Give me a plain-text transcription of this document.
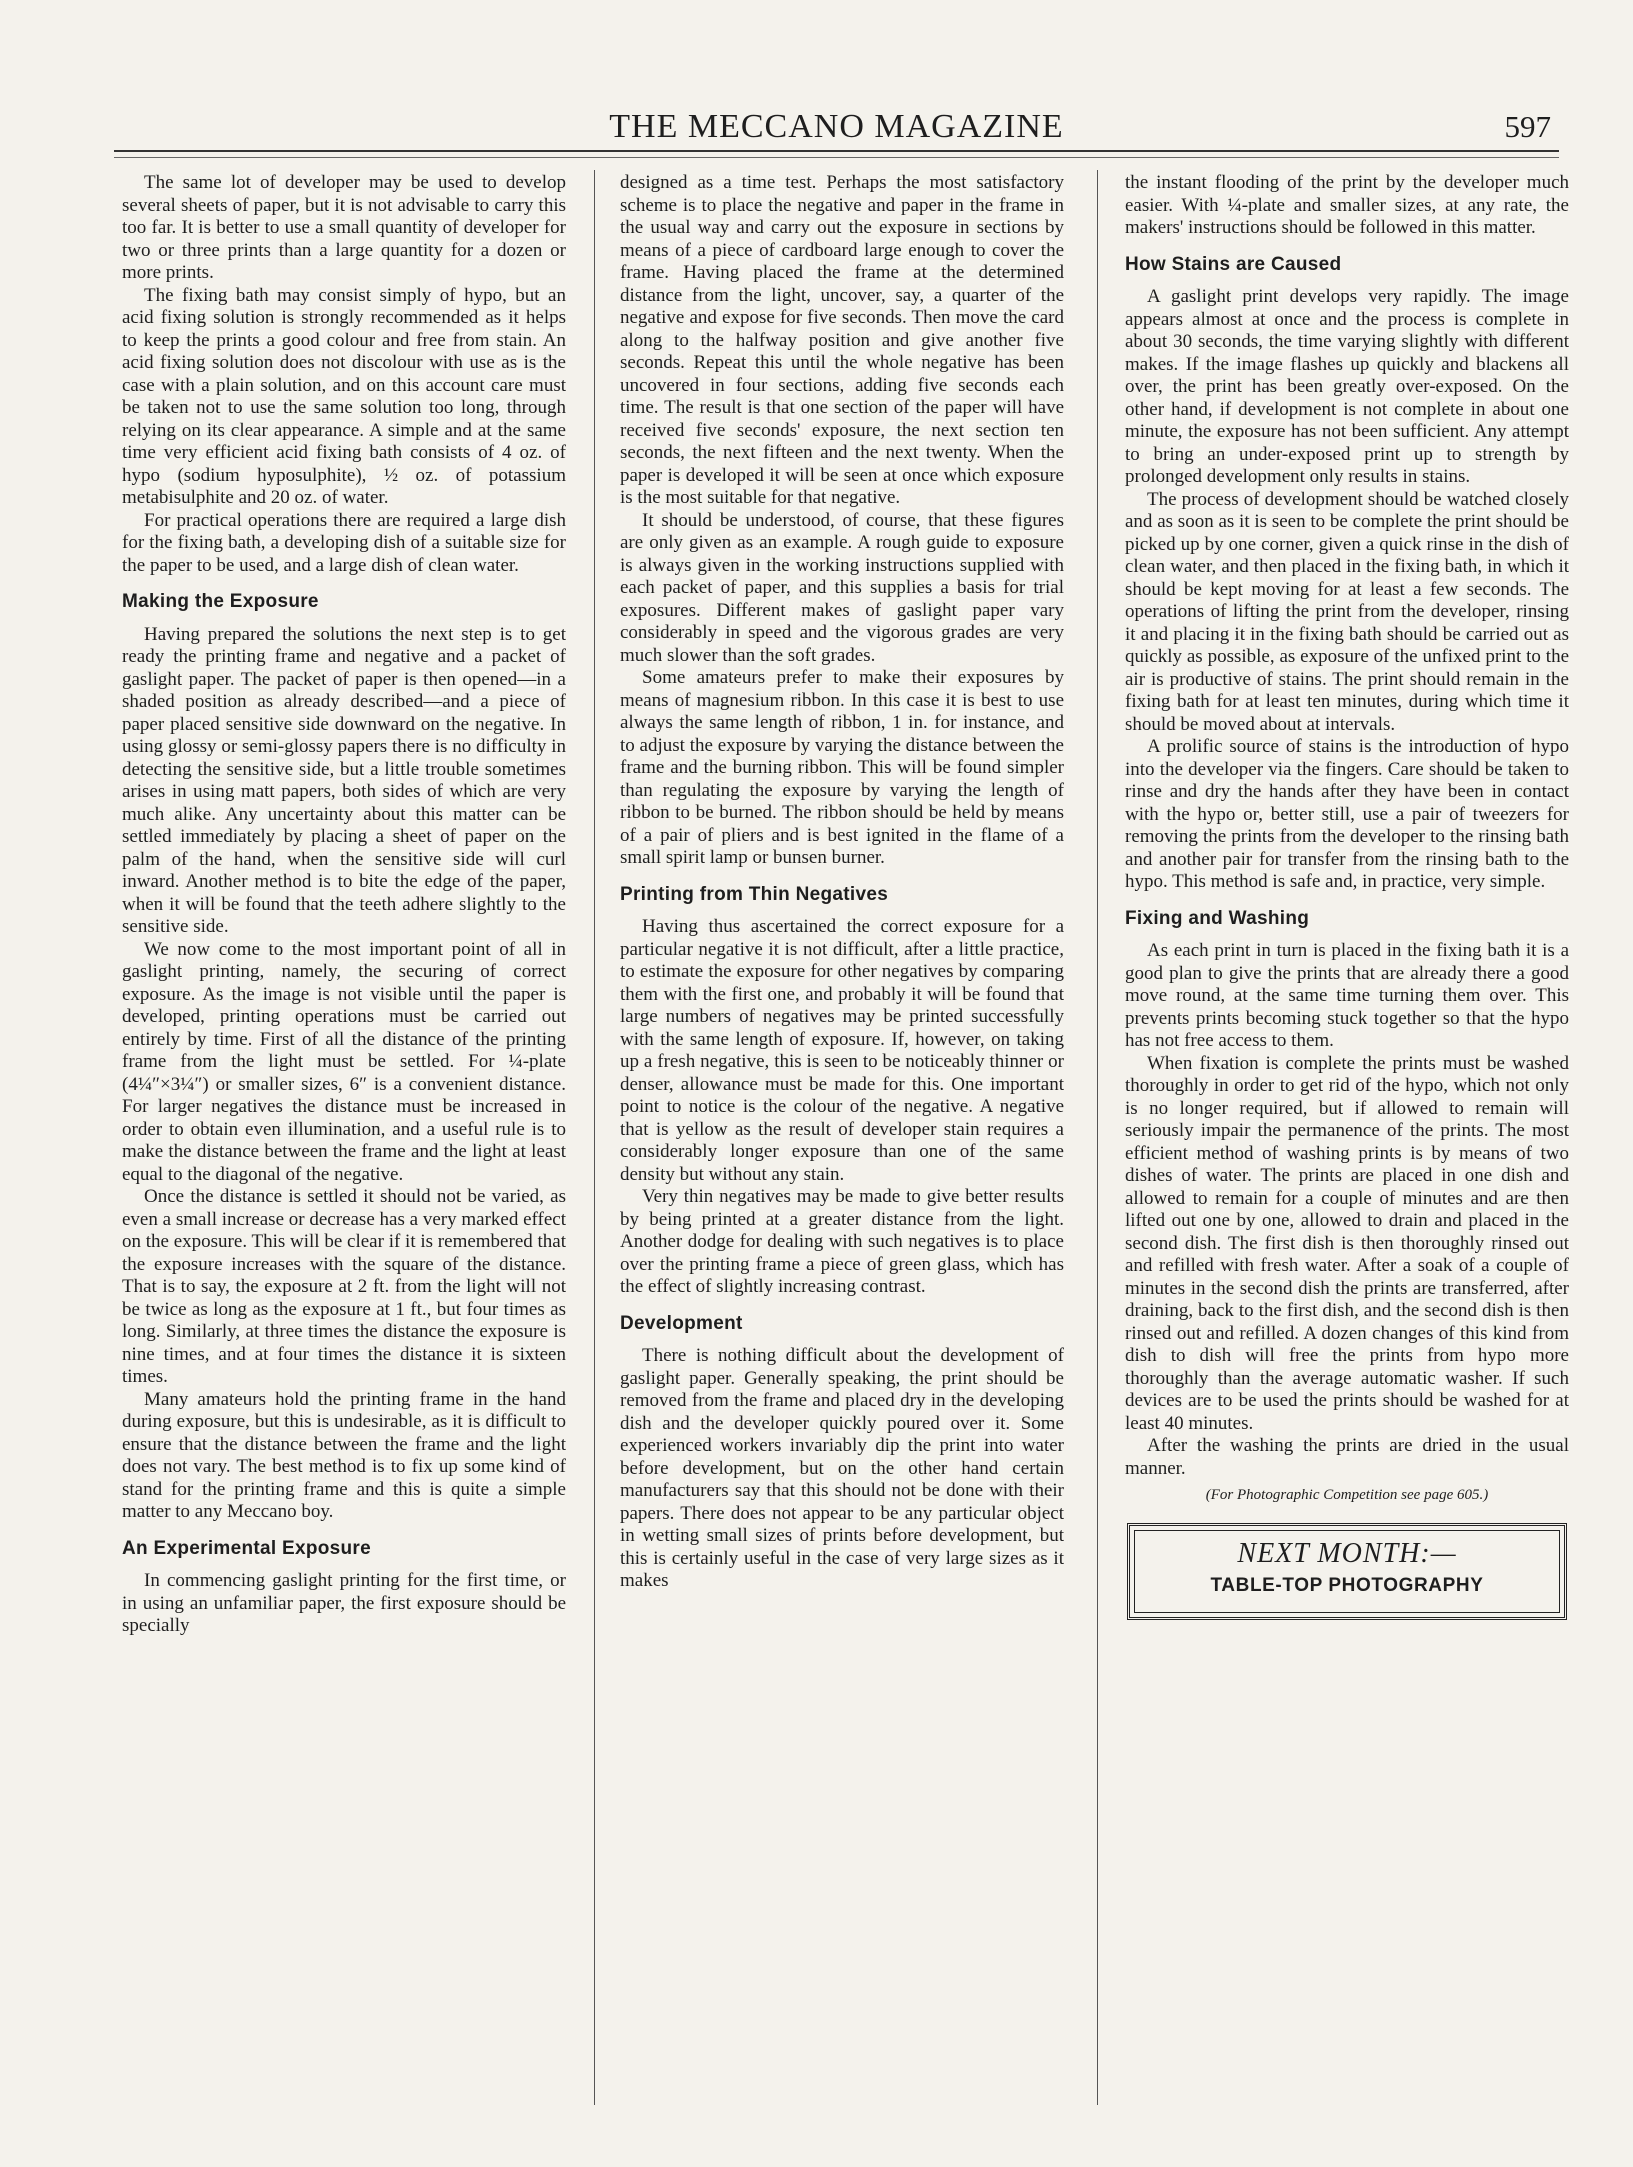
THE MECCANO MAGAZINE	597

The same lot of developer may be used to develop several sheets of paper, but it is not advisable to carry this too far. It is better to use a small quantity of developer for two or three prints than a large quantity for a dozen or more prints.

The fixing bath may consist simply of hypo, but an acid fixing solution is strongly recommended as it helps to keep the prints a good colour and free from stain. An acid fixing solution does not discolour with use as is the case with a plain solution, and on this account care must be taken not to use the same solution too long, through relying on its clear appearance. A simple and at the same time very efficient acid fixing bath consists of 4 oz. of hypo (sodium hyposulphite), ½ oz. of potassium metabisulphite and 20 oz. of water.

For practical operations there are required a large dish for the fixing bath, a developing dish of a suitable size for the paper to be used, and a large dish of clean water.

Making the Exposure

Having prepared the solutions the next step is to get ready the printing frame and negative and a packet of gaslight paper. The packet of paper is then opened—in a shaded position as already described—and a piece of paper placed sensitive side downward on the negative. In using glossy or semi-glossy papers there is no difficulty in detecting the sensitive side, but a little trouble sometimes arises in using matt papers, both sides of which are very much alike. Any uncertainty about this matter can be settled immediately by placing a sheet of paper on the palm of the hand, when the sensitive side will curl inward. Another method is to bite the edge of the paper, when it will be found that the teeth adhere slightly to the sensitive side.

We now come to the most important point of all in gaslight printing, namely, the securing of correct exposure. As the image is not visible until the paper is developed, printing operations must be carried out entirely by time. First of all the distance of the printing frame from the light must be settled. For ¼-plate (4¼″×3¼″) or smaller sizes, 6″ is a convenient distance. For larger negatives the distance must be increased in order to obtain even illumination, and a useful rule is to make the distance between the frame and the light at least equal to the diagonal of the negative.

Once the distance is settled it should not be varied, as even a small increase or decrease has a very marked effect on the exposure. This will be clear if it is remembered that the exposure increases with the square of the distance. That is to say, the exposure at 2 ft. from the light will not be twice as long as the exposure at 1 ft., but four times as long. Similarly, at three times the distance the exposure is nine times, and at four times the distance it is sixteen times.

Many amateurs hold the printing frame in the hand during exposure, but this is undesirable, as it is difficult to ensure that the distance between the frame and the light does not vary. The best method is to fix up some kind of stand for the printing frame and this is quite a simple matter to any Meccano boy.

An Experimental Exposure

In commencing gaslight printing for the first time, or in using an unfamiliar paper, the first exposure should be specially

designed as a time test. Perhaps the most satisfactory scheme is to place the negative and paper in the frame in the usual way and carry out the exposure in sections by means of a piece of cardboard large enough to cover the frame. Having placed the frame at the determined distance from the light, uncover, say, a quarter of the negative and expose for five seconds. Then move the card along to the halfway position and give another five seconds. Repeat this until the whole negative has been uncovered in four sections, adding five seconds each time. The result is that one section of the paper will have received five seconds' exposure, the next section ten seconds, the next fifteen and the next twenty. When the paper is developed it will be seen at once which exposure is the most suitable for that negative.

It should be understood, of course, that these figures are only given as an example. A rough guide to exposure is always given in the working instructions supplied with each packet of paper, and this supplies a basis for trial exposures. Different makes of gaslight paper vary considerably in speed and the vigorous grades are very much slower than the soft grades.

Some amateurs prefer to make their exposures by means of magnesium ribbon. In this case it is best to use always the same length of ribbon, 1 in. for instance, and to adjust the exposure by varying the distance between the frame and the burning ribbon. This will be found simpler than regulating the exposure by varying the length of ribbon to be burned. The ribbon should be held by means of a pair of pliers and is best ignited in the flame of a small spirit lamp or bunsen burner.

Printing from Thin Negatives

Having thus ascertained the correct exposure for a particular negative it is not difficult, after a little practice, to estimate the exposure for other negatives by comparing them with the first one, and probably it will be found that large numbers of negatives may be printed successfully with the same length of exposure. If, however, on taking up a fresh negative, this is seen to be noticeably thinner or denser, allowance must be made for this. One important point to notice is the colour of the negative. A negative that is yellow as the result of developer stain requires a considerably longer exposure than one of the same density but without any stain.

Very thin negatives may be made to give better results by being printed at a greater distance from the light. Another dodge for dealing with such negatives is to place over the printing frame a piece of green glass, which has the effect of slightly increasing contrast.

Development

There is nothing difficult about the development of gaslight paper. Generally speaking, the print should be removed from the frame and placed dry in the developing dish and the developer quickly poured over it. Some experienced workers invariably dip the print into water before development, but on the other hand certain manufacturers say that this should not be done with their papers. There does not appear to be any particular object in wetting small sizes of prints before development, but this is certainly useful in the case of very large sizes as it makes

the instant flooding of the print by the developer much easier. With ¼-plate and smaller sizes, at any rate, the makers' instructions should be followed in this matter.

How Stains are Caused

A gaslight print develops very rapidly. The image appears almost at once and the process is complete in about 30 seconds, the time varying slightly with different makes. If the image flashes up quickly and blackens all over, the print has been greatly over-exposed. On the other hand, if development is not complete in about one minute, the exposure has not been sufficient. Any attempt to bring an under-exposed print up to strength by prolonged development only results in stains.

The process of development should be watched closely and as soon as it is seen to be complete the print should be picked up by one corner, given a quick rinse in the dish of clean water, and then placed in the fixing bath, in which it should be kept moving for at least a few seconds. The operations of lifting the print from the developer, rinsing it and placing it in the fixing bath should be carried out as quickly as possible, as exposure of the unfixed print to the air is productive of stains. The print should remain in the fixing bath for at least ten minutes, during which time it should be moved about at intervals.

A prolific source of stains is the introduction of hypo into the developer via the fingers. Care should be taken to rinse and dry the hands after they have been in contact with the hypo or, better still, use a pair of tweezers for removing the prints from the developer to the rinsing bath and another pair for transfer from the rinsing bath to the hypo. This method is safe and, in practice, very simple.

Fixing and Washing

As each print in turn is placed in the fixing bath it is a good plan to give the prints that are already there a good move round, at the same time turning them over. This prevents prints becoming stuck together so that the hypo has not free access to them.

When fixation is complete the prints must be washed thoroughly in order to get rid of the hypo, which not only is no longer required, but if allowed to remain will seriously impair the permanence of the prints. The most efficient method of washing prints is by means of two dishes of water. The prints are placed in one dish and allowed to remain for a couple of minutes and are then lifted out one by one, allowed to drain and placed in the second dish. The first dish is then thoroughly rinsed out and refilled with fresh water. After a soak of a couple of minutes in the second dish the prints are transferred, after draining, back to the first dish, and the second dish is then rinsed out and refilled. A dozen changes of this kind from dish to dish will free the prints from hypo more thoroughly than the average automatic washer. If such devices are to be used the prints should be washed for at least 40 minutes.

After the washing the prints are dried in the usual manner.

(For Photographic Competition see page 605.)

NEXT MONTH:—
TABLE-TOP PHOTOGRAPHY
